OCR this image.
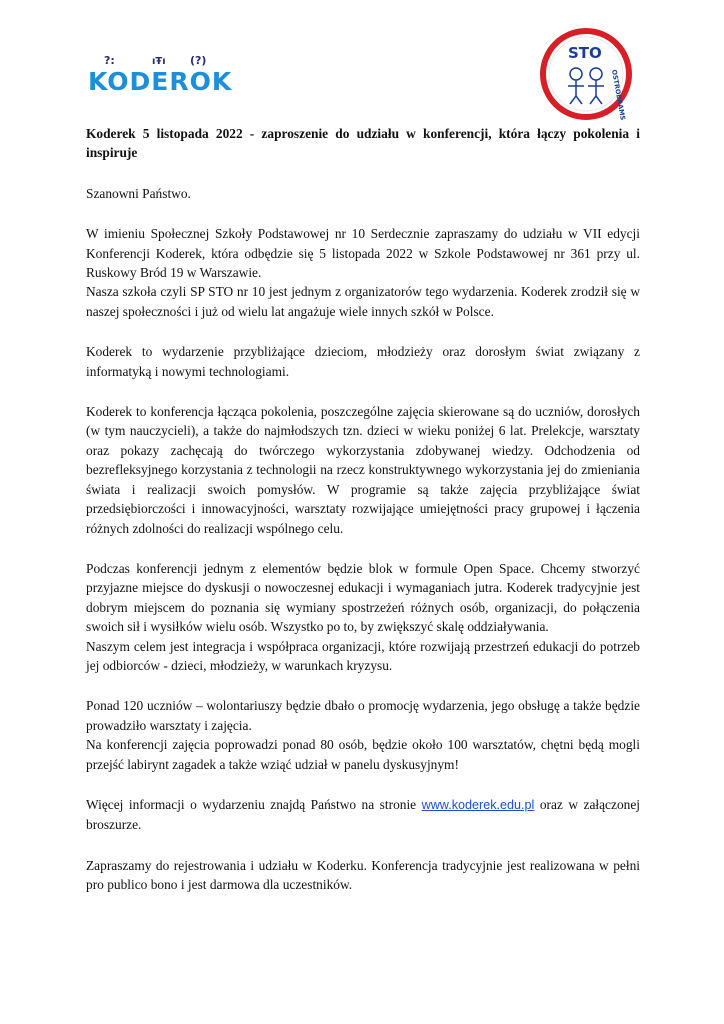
?:	ıŦı (?)
KODEROK
STO
OSTROBRAMSKA

Koderek 5 listopada 2022 - zaproszenie do udziału w konferencji, która łączy pokolenia i inspiruje

Szanowni Państwo.

W imieniu Społecznej Szkoły Podstawowej nr 10 Serdecznie zapraszamy do udziału w VII edycji Konferencji Koderek, która odbędzie się 5 listopada 2022 w Szkole Podstawowej nr 361 przy ul. Ruskowy Bród 19 w Warszawie.

Nasza szkoła czyli SP STO nr 10 jest jednym z organizatorów tego wydarzenia. Koderek zrodził się w naszej społeczności i już od wielu lat angażuje wiele innych szkół w Polsce.

Koderek to wydarzenie przybliżające dzieciom, młodzieży oraz dorosłym świat związany z informatyką i nowymi technologiami.

Koderek to konferencja łącząca pokolenia, poszczególne zajęcia skierowane są do uczniów, dorosłych (w tym nauczycieli), a także do najmłodszych tzn. dzieci w wieku poniżej 6 lat. Prelekcje, warsztaty oraz pokazy zachęcają do twórczego wykorzystania zdobywanej wiedzy. Odchodzenia od bezrefleksyjnego korzystania z technologii na rzecz konstruktywnego wykorzystania jej do zmieniania świata i realizacji swoich pomysłów. W programie są także zajęcia przybliżające świat przedsiębiorczości i innowacyjności, warsztaty rozwijające umiejętności pracy grupowej i łączenia różnych zdolności do realizacji wspólnego celu.

Podczas konferencji jednym z elementów będzie blok w formule Open Space. Chcemy stworzyć przyjazne miejsce do dyskusji o nowoczesnej edukacji i wymaganiach jutra. Koderek tradycyjnie jest dobrym miejscem do poznania się wymiany spostrzeżeń różnych osób, organizacji, do połączenia swoich sił i wysiłków wielu osób. Wszystko po to, by zwiększyć skalę oddziaływania.

Naszym celem jest integracja i współpraca organizacji, które rozwijają przestrzeń edukacji do potrzeb jej odbiorców - dzieci, młodzieży, w warunkach kryzysu.

Ponad 120 uczniów – wolontariuszy będzie dbało o promocję wydarzenia, jego obsługę a także będzie prowadziło warsztaty i zajęcia.

Na konferencji zajęcia poprowadzi ponad 80 osób, będzie około 100 warsztatów, chętni będą mogli przejść labirynt zagadek a także wziąć udział w panelu dyskusyjnym!

Więcej informacji o wydarzeniu znajdą Państwo na stronie www.koderek.edu.pl oraz w załączonej broszurze.

Zapraszamy do rejestrowania i udziału w Koderku. Konferencja tradycyjnie jest realizowana w pełni pro publico bono i jest darmowa dla uczestników.
